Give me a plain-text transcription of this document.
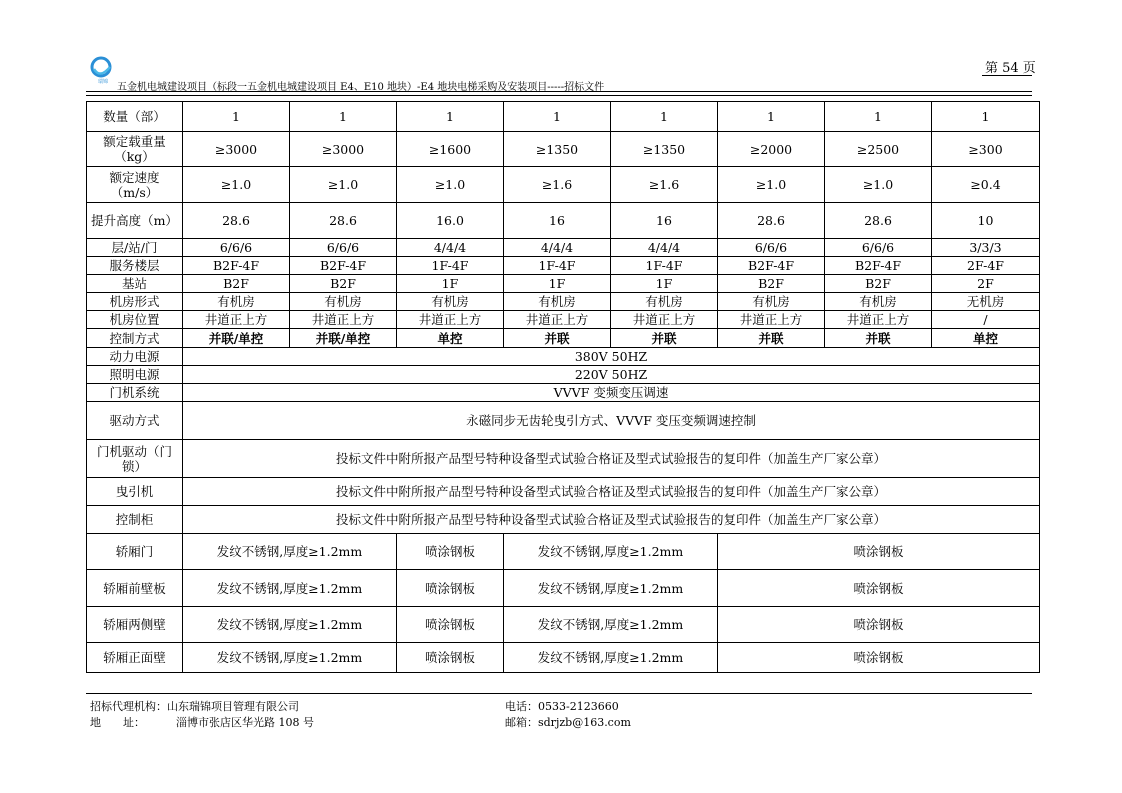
瑞锦
第 54 页
五金机电城建设项目（标段一五金机电城建设项目 E4、E10 地块）-E4 地块电梯采购及安装项目-----招标文件
数量（部）	1	1	1	1	1	1	1	1
额定载重量（kg）	≥3000	≥3000	≥1600	≥1350	≥1350	≥2000	≥2500	≥300
额定速度（m/s）	≥1.0	≥1.0	≥1.0	≥1.6	≥1.6	≥1.0	≥1.0	≥0.4
提升高度（m）	28.6	28.6	16.0	16	16	28.6	28.6	10
层/站/门	6/6/6	6/6/6	4/4/4	4/4/4	4/4/4	6/6/6	6/6/6	3/3/3
服务楼层	B2F-4F	B2F-4F	1F-4F	1F-4F	1F-4F	B2F-4F	B2F-4F	2F-4F
基站	B2F	B2F	1F	1F	1F	B2F	B2F	2F
机房形式	有机房	有机房	有机房	有机房	有机房	有机房	有机房	无机房
机房位置	井道正上方	井道正上方	井道正上方	井道正上方	井道正上方	井道正上方	井道正上方	/
控制方式	并联/单控	并联/单控	单控	并联	并联	并联	并联	单控
动力电源	380V 50HZ							
照明电源	220V 50HZ							
门机系统	VVVF 变频变压调速							
驱动方式	永磁同步无齿轮曳引方式、VVVF 变压变频调速控制							
门机驱动（门锁）	投标文件中附所报产品型号特种设备型式试验合格证及型式试验报告的复印件（加盖生产厂家公章）							
曳引机	投标文件中附所报产品型号特种设备型式试验合格证及型式试验报告的复印件（加盖生产厂家公章）							
控制柜	投标文件中附所报产品型号特种设备型式试验合格证及型式试验报告的复印件（加盖生产厂家公章）							
轿厢门	发纹不锈钢,厚度≥1.2mm		喷涂钢板	发纹不锈钢,厚度≥1.2mm		喷涂钢板		
轿厢前壁板	发纹不锈钢,厚度≥1.2mm		喷涂钢板	发纹不锈钢,厚度≥1.2mm		喷涂钢板		
轿厢两侧壁	发纹不锈钢,厚度≥1.2mm		喷涂钢板	发纹不锈钢,厚度≥1.2mm		喷涂钢板		
轿厢正面壁	发纹不锈钢,厚度≥1.2mm		喷涂钢板	发纹不锈钢,厚度≥1.2mm		喷涂钢板		
招标代理机构：山东瑞锦项目管理有限公司
地　　址：	淄博市张店区华光路 108 号
电话：0533-2123660
邮箱：sdrjzb@163.com
